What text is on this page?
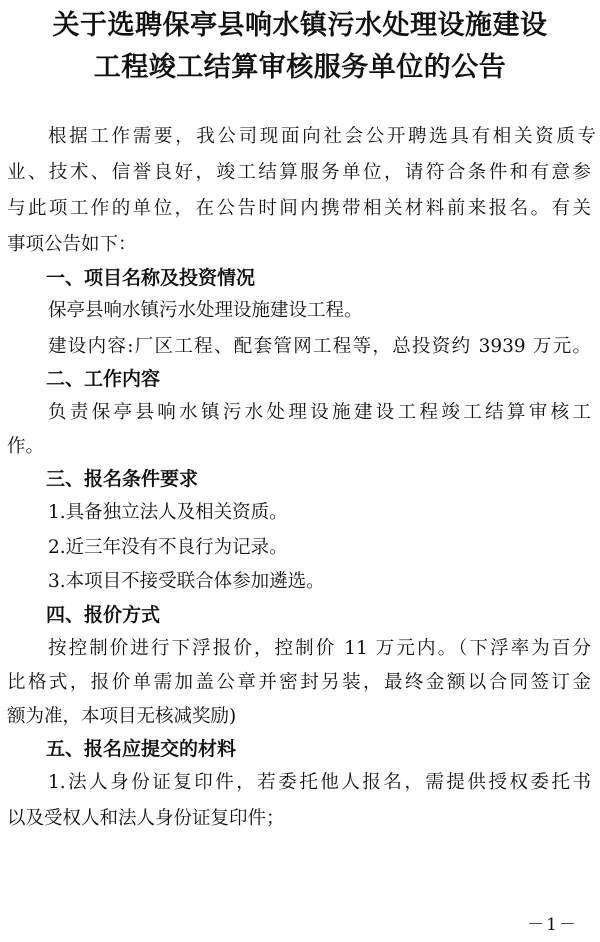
关于选聘保亭县响水镇污水处理设施建设
工程竣工结算审核服务单位的公告
根据工作需要，我公司现面向社会公开聘选具有相关资质专
业、技术、信誉良好，竣工结算服务单位，请符合条件和有意参
与此项工作的单位，在公告时间内携带相关材料前来报名。有关
事项公告如下：
一、项目名称及投资情况
保亭县响水镇污水处理设施建设工程。
建设内容:厂区工程、配套管网工程等，总投资约 3939 万元。
二、工作内容
负责保亭县响水镇污水处理设施建设工程竣工结算审核工
作。
三、报名条件要求
1.具备独立法人及相关资质。
2.近三年没有不良行为记录。
3.本项目不接受联合体参加遴选。
四、报价方式
按控制价进行下浮报价，控制价 11 万元内。（下浮率为百分
比格式，报价单需加盖公章并密封另装，最终金额以合同签订金
额为准，本项目无核减奖励)
五、报名应提交的材料
1.法人身份证复印件，若委托他人报名，需提供授权委托书
以及受权人和法人身份证复印件；
－1－
